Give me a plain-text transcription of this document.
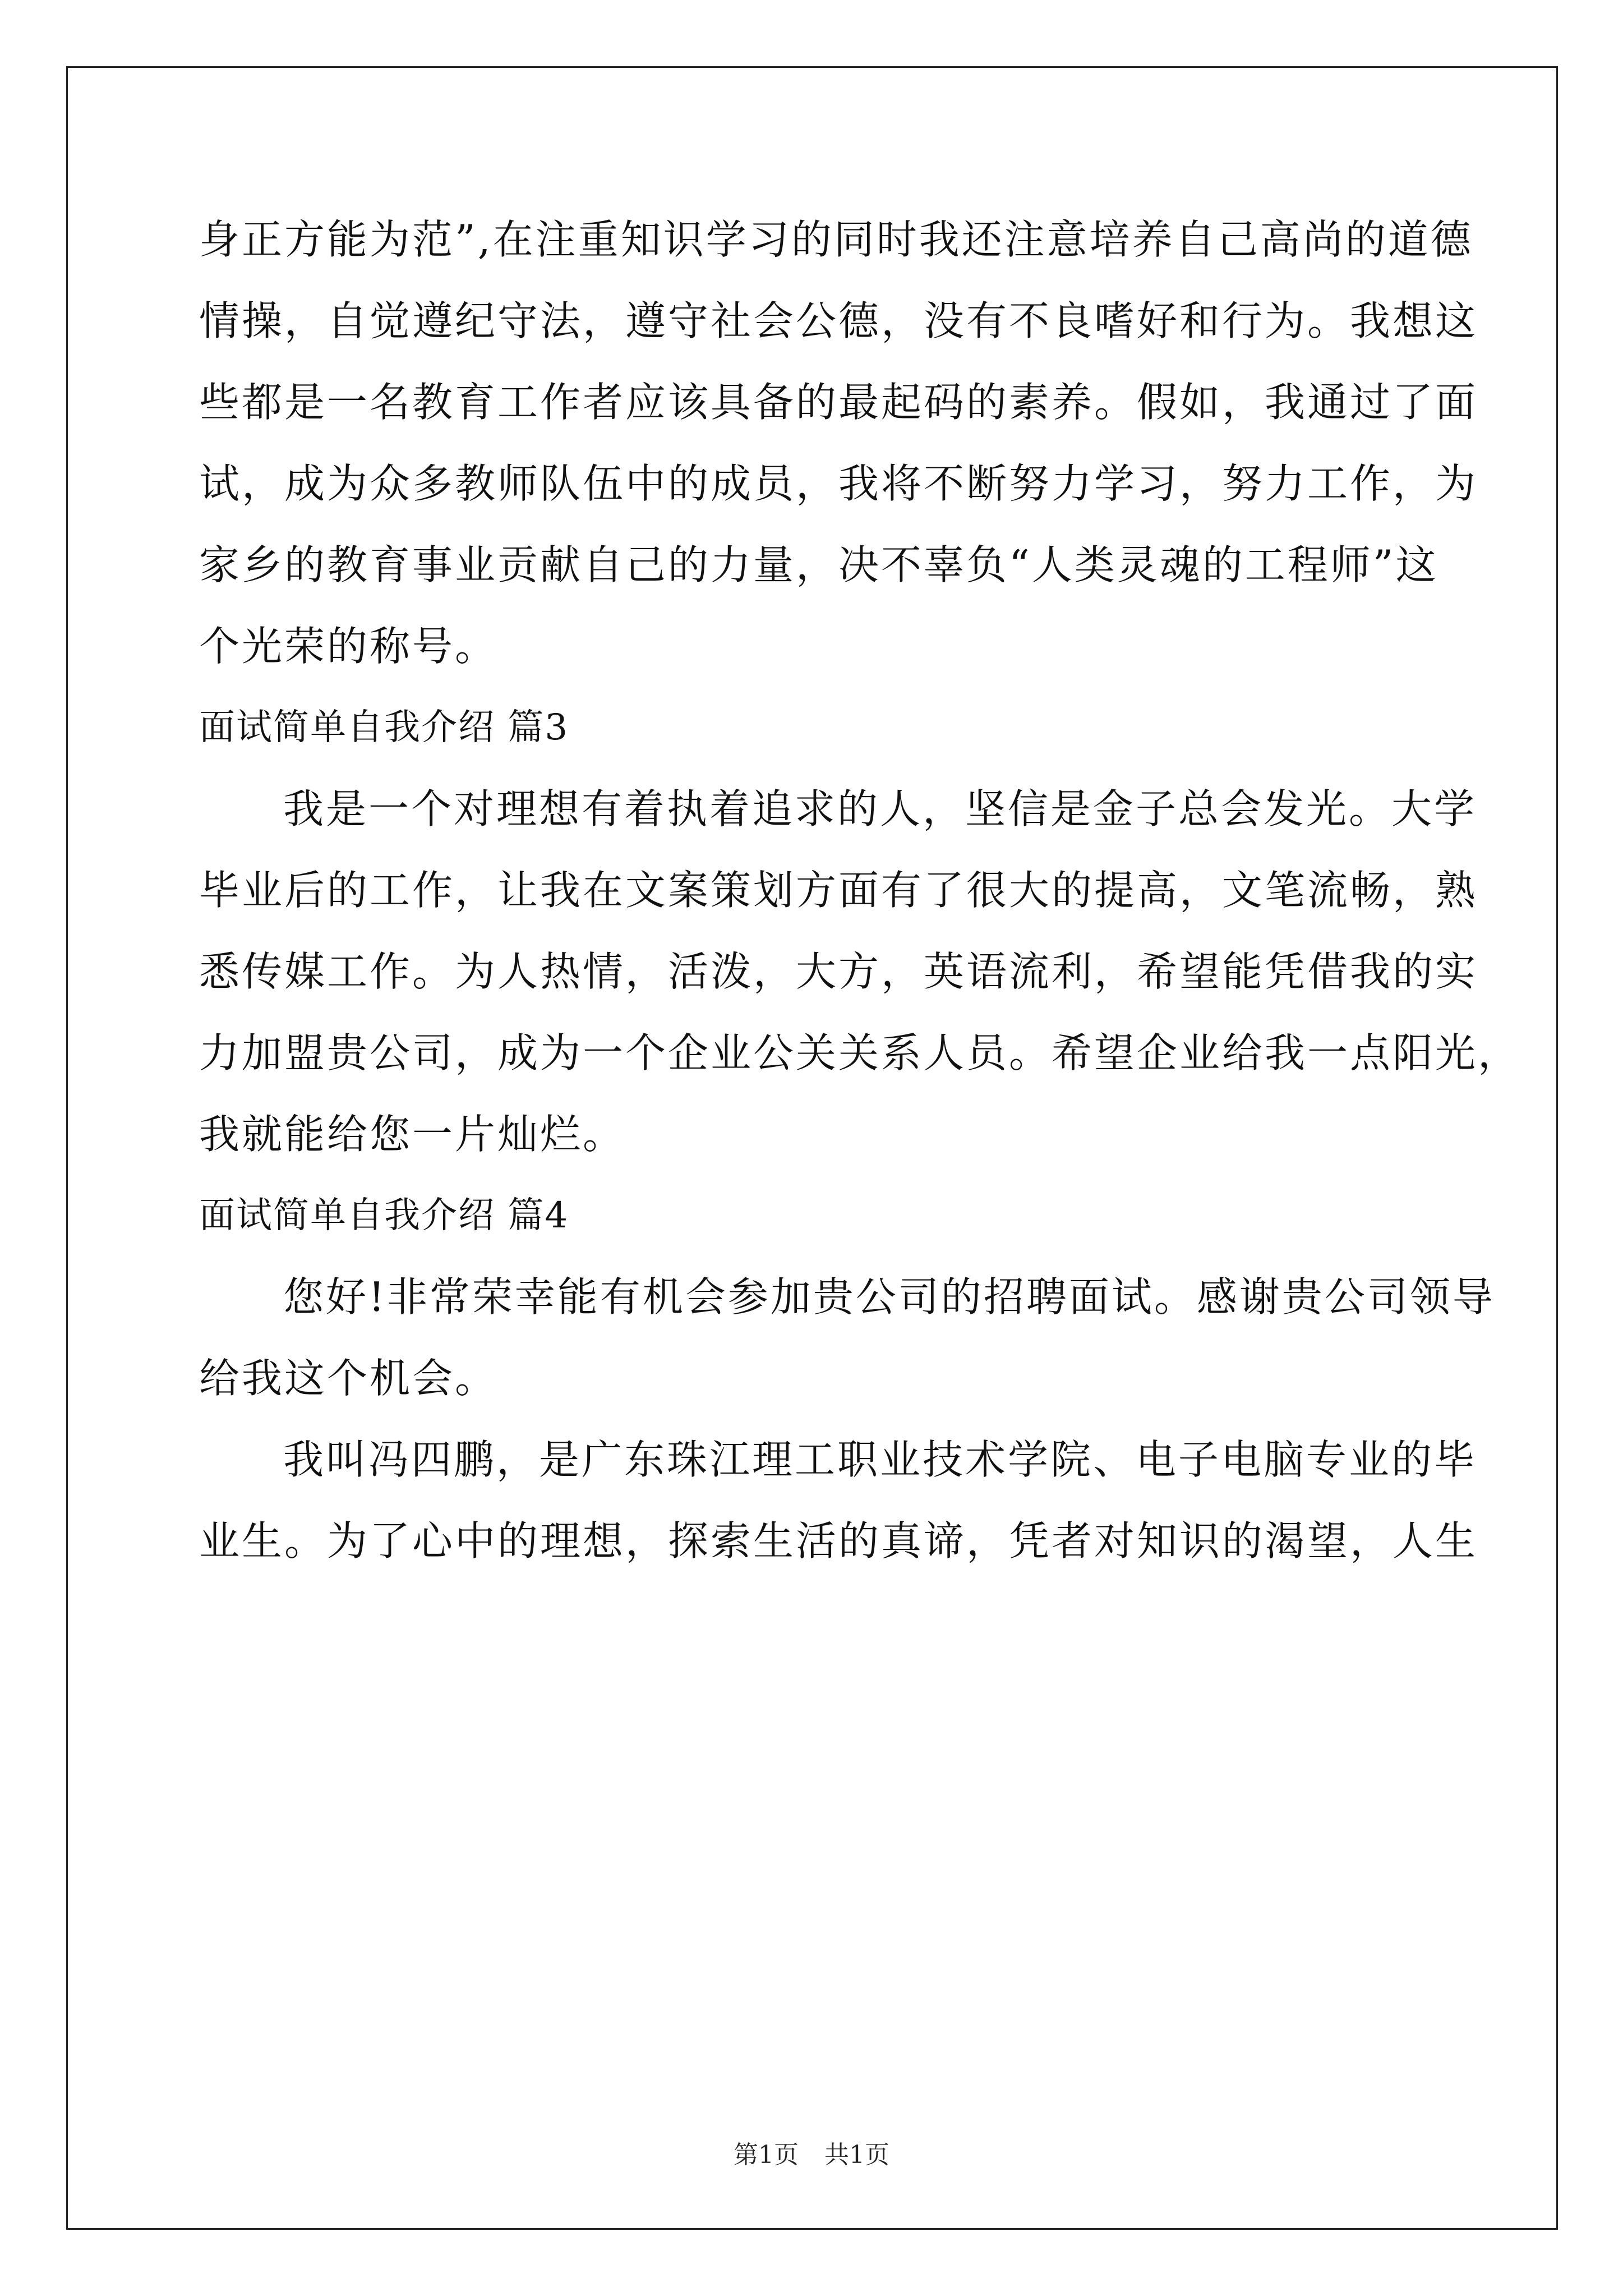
身正方能为范”,在注重知识学习的同时我还注意培养自己高尚的道德
情操，自觉遵纪守法，遵守社会公德，没有不良嗜好和行为。我想这
些都是一名教育工作者应该具备的最起码的素养。假如，我通过了面
试，成为众多教师队伍中的成员，我将不断努力学习，努力工作，为
家乡的教育事业贡献自己的力量，决不辜负“人类灵魂的工程师”这
个光荣的称号。
面试简单自我介绍 篇3
我是一个对理想有着执着追求的人，坚信是金子总会发光。大学
毕业后的工作，让我在文案策划方面有了很大的提高，文笔流畅，熟
悉传媒工作。为人热情，活泼，大方，英语流利，希望能凭借我的实
力加盟贵公司，成为一个企业公关关系人员。希望企业给我一点阳光，
我就能给您一片灿烂。
面试简单自我介绍 篇4
您好!非常荣幸能有机会参加贵公司的招聘面试。感谢贵公司领导
给我这个机会。
我叫冯四鹏，是广东珠江理工职业技术学院、电子电脑专业的毕
业生。为了心中的理想，探索生活的真谛，凭者对知识的渴望，人生
第1页 共1页
